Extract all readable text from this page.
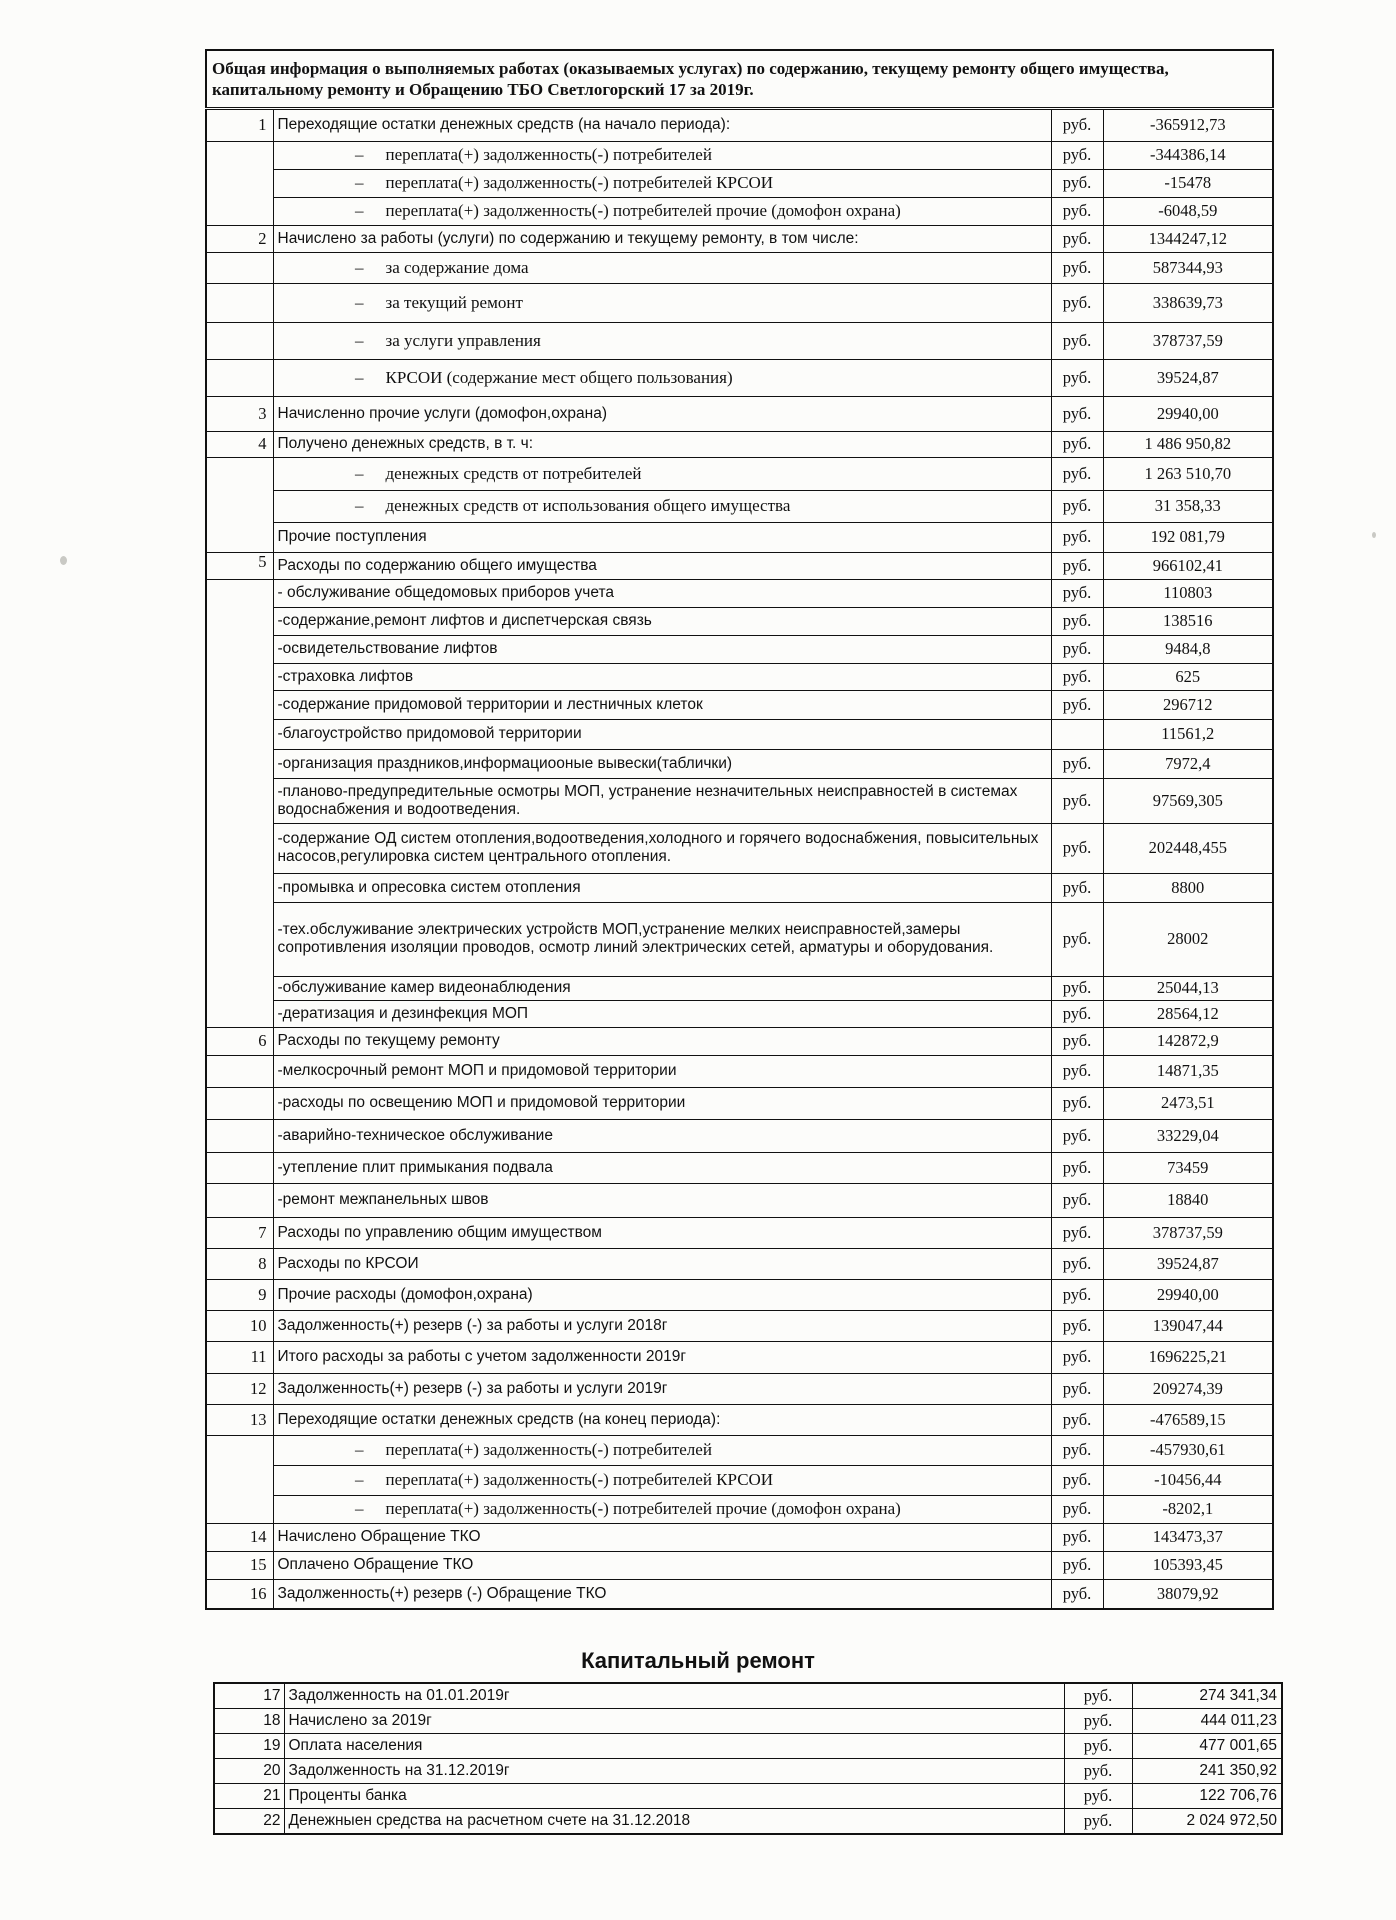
Общая информация о выполняемых работах (оказываемых услугах) по содержанию, текущему ремонту общего имущества, капитальному ремонту и Обращению ТБО Светлогорский 17 за 2019г.			
1	Переходящие остатки денежных средств (на начало периода):	руб.	-365912,73
	– переплата(+) задолженность(-) потребителей	руб.	-344386,14
	– переплата(+) задолженность(-) потребителей КРСОИ	руб.	-15478
	– переплата(+) задолженность(-) потребителей прочие (домофон охрана)	руб.	-6048,59
2	Начислено за работы (услуги) по содержанию и текущему ремонту, в том числе:	руб.	1344247,12
	– за содержание дома	руб.	587344,93
	– за текущий ремонт	руб.	338639,73
	– за услуги управления	руб.	378737,59
	– КРСОИ (содержание мест общего пользования)	руб.	39524,87
3	Начисленно прочие услуги (домофон,охрана)	руб.	29940,00
4	Получено денежных средств, в т. ч:	руб.	1 486 950,82
	– денежных средств от потребителей	руб.	1 263 510,70
	– денежных средств от использования общего имущества	руб.	31 358,33
	Прочие поступления	руб.	192 081,79
5	Расходы по содержанию общего имущества	руб.	966102,41
	- обслуживание общедомовых приборов учета	руб.	110803
	-содержание,ремонт лифтов и диспетчерская связь	руб.	138516
	-освидетельствование лифтов	руб.	9484,8
	-страховка лифтов	руб.	625
	-содержание придомовой территории и лестничных клеток	руб.	296712
	-благоустройство придомовой территории		11561,2
	-организация праздников,информациооные вывески(таблички)	руб.	7972,4
	-планово-предупредительные осмотры МОП, устранение незначительных неисправностей в системах водоснабжения и водоотведения.	руб.	97569,305
	-содержание ОД систем отопления,водоотведения,холодного и горячего водоснабжения, повысительных насосов,регулировка систем центрального отопления.	руб.	202448,455
	-промывка и опресовка систем отопления	руб.	8800
	-тех.обслуживание электрических устройств МОП,устранение мелких неисправностей,замеры сопротивления изоляции проводов, осмотр линий электрических сетей, арматуры и оборудования.	руб.	28002
	-обслуживание камер видеонаблюдения	руб.	25044,13
	-дератизация и дезинфекция МОП	руб.	28564,12
6	Расходы по текущему ремонту	руб.	142872,9
	-мелкосрочный ремонт МОП и придомовой территории	руб.	14871,35
	-расходы по освещению МОП и придомовой территории	руб.	2473,51
	-аварийно-техническое обслуживание	руб.	33229,04
	-утепление плит примыкания подвала	руб.	73459
	-ремонт межпанельных швов	руб.	18840
7	Расходы по управлению общим имуществом	руб.	378737,59
8	Расходы по КРСОИ	руб.	39524,87
9	Прочие расходы (домофон,охрана)	руб.	29940,00
10	Задолженность(+) резерв (-) за работы и услуги 2018г	руб.	139047,44
11	Итого расходы за работы с учетом задолженности 2019г	руб.	1696225,21
12	Задолженность(+) резерв (-) за работы и услуги 2019г	руб.	209274,39
13	Переходящие остатки денежных средств (на конец периода):	руб.	-476589,15
	– переплата(+) задолженность(-) потребителей	руб.	-457930,61
	– переплата(+) задолженность(-) потребителей КРСОИ	руб.	-10456,44
	– переплата(+) задолженность(-) потребителей прочие (домофон охрана)	руб.	-8202,1
14	Начислено Обращение ТКО	руб.	143473,37
15	Оплачено Обращение ТКО	руб.	105393,45
16	Задолженность(+) резерв (-) Обращение ТКО	руб.	38079,92
Капитальный ремонт
17	Задолженность на 01.01.2019г	руб.	274 341,34
18	Начислено за 2019г	руб.	444 011,23
19	Оплата населения	руб.	477 001,65
20	Задолженность на 31.12.2019г	руб.	241 350,92
21	Проценты банка	руб.	122 706,76
22	Денежныен средства на расчетном счете на 31.12.2018	руб.	2 024 972,50
